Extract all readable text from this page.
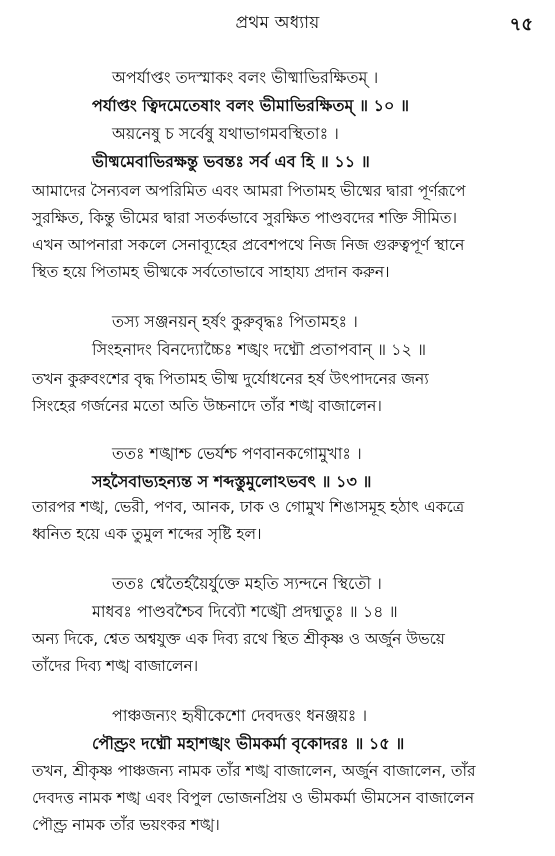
প্রথম অধ্যায়	৭৫
অপর্যাপ্তং তদস্মাকং বলং ভীষ্মাভিরক্ষিতম্ ।
পর্যাপ্তং ত্বিদমেতেষাং বলং ভীমাভিরক্ষিতম্ ॥ ১০ ॥
অয়নেষু চ সর্বেষু যথাভাগমবস্থিতাঃ ।
ভীষ্মমেবাভিরক্ষন্তু ভবন্তঃ সর্ব এব হি ॥ ১১ ॥
আমাদের সৈন্যবল অপরিমিত এবং আমরা পিতামহ ভীষ্মের দ্বারা পূর্ণরূপে
সুরক্ষিত, কিন্তু ভীমের দ্বারা সতর্কভাবে সুরক্ষিত পাণ্ডবদের শক্তি সীমিত।
এখন আপনারা সকলে সেনাব্যূহের প্রবেশপথে নিজ নিজ গুরুত্বপূর্ণ স্থানে
স্থিত হয়ে পিতামহ ভীষ্মকে সর্বতোভাবে সাহায্য প্রদান করুন।
তস্য সঞ্জনয়ন্ হর্ষং কুরুবৃদ্ধঃ পিতামহঃ ।
সিংহনাদং বিনদ্যোচ্চৈঃ শঙ্খং দধ্মৌ প্রতাপবান্ ॥ ১২ ॥
তখন কুরুবংশের বৃদ্ধ পিতামহ ভীষ্ম দুর্যোধনের হর্ষ উৎপাদনের জন্য
সিংহের গর্জনের মতো অতি উচ্চনাদে তাঁর শঙ্খ বাজালেন।
ততঃ শঙ্খাশ্চ ভের্যশ্চ পণবানকগোমুখাঃ ।
সহসৈবাভ্যহন্যন্ত স শব্দস্তুমুলোঽভবৎ ॥ ১৩ ॥
তারপর শঙ্খ, ভেরী, পণব, আনক, ঢাক ও গোমুখ শিঙাসমূহ হঠাৎ একত্রে
ধ্বনিত হয়ে এক তুমুল শব্দের সৃষ্টি হল।
ততঃ শ্বেতৈর্হয়ৈর্যুক্তে মহতি স্যন্দনে স্থিতৌ ।
মাধবঃ পাণ্ডবশ্চৈব দিব্যৌ শঙ্খৌ প্রদধ্মতুঃ ॥ ১৪ ॥
অন্য দিকে, শ্বেত অশ্বযুক্ত এক দিব্য রথে স্থিত শ্রীকৃষ্ণ ও অর্জুন উভয়ে
তাঁদের দিব্য শঙ্খ বাজালেন।
পাঞ্চজন্যং হৃষীকেশো দেবদত্তং ধনঞ্জয়ঃ ।
পৌণ্ড্রং দধ্মৌ মহাশঙ্খং ভীমকর্মা বৃকোদরঃ ॥ ১৫ ॥
তখন, শ্রীকৃষ্ণ পাঞ্চজন্য নামক তাঁর শঙ্খ বাজালেন, অর্জুন বাজালেন, তাঁর
দেবদত্ত নামক শঙ্খ এবং বিপুল ভোজনপ্রিয় ও ভীমকর্মা ভীমসেন বাজালেন
পৌণ্ড্র নামক তাঁর ভয়ংকর শঙ্খ।
